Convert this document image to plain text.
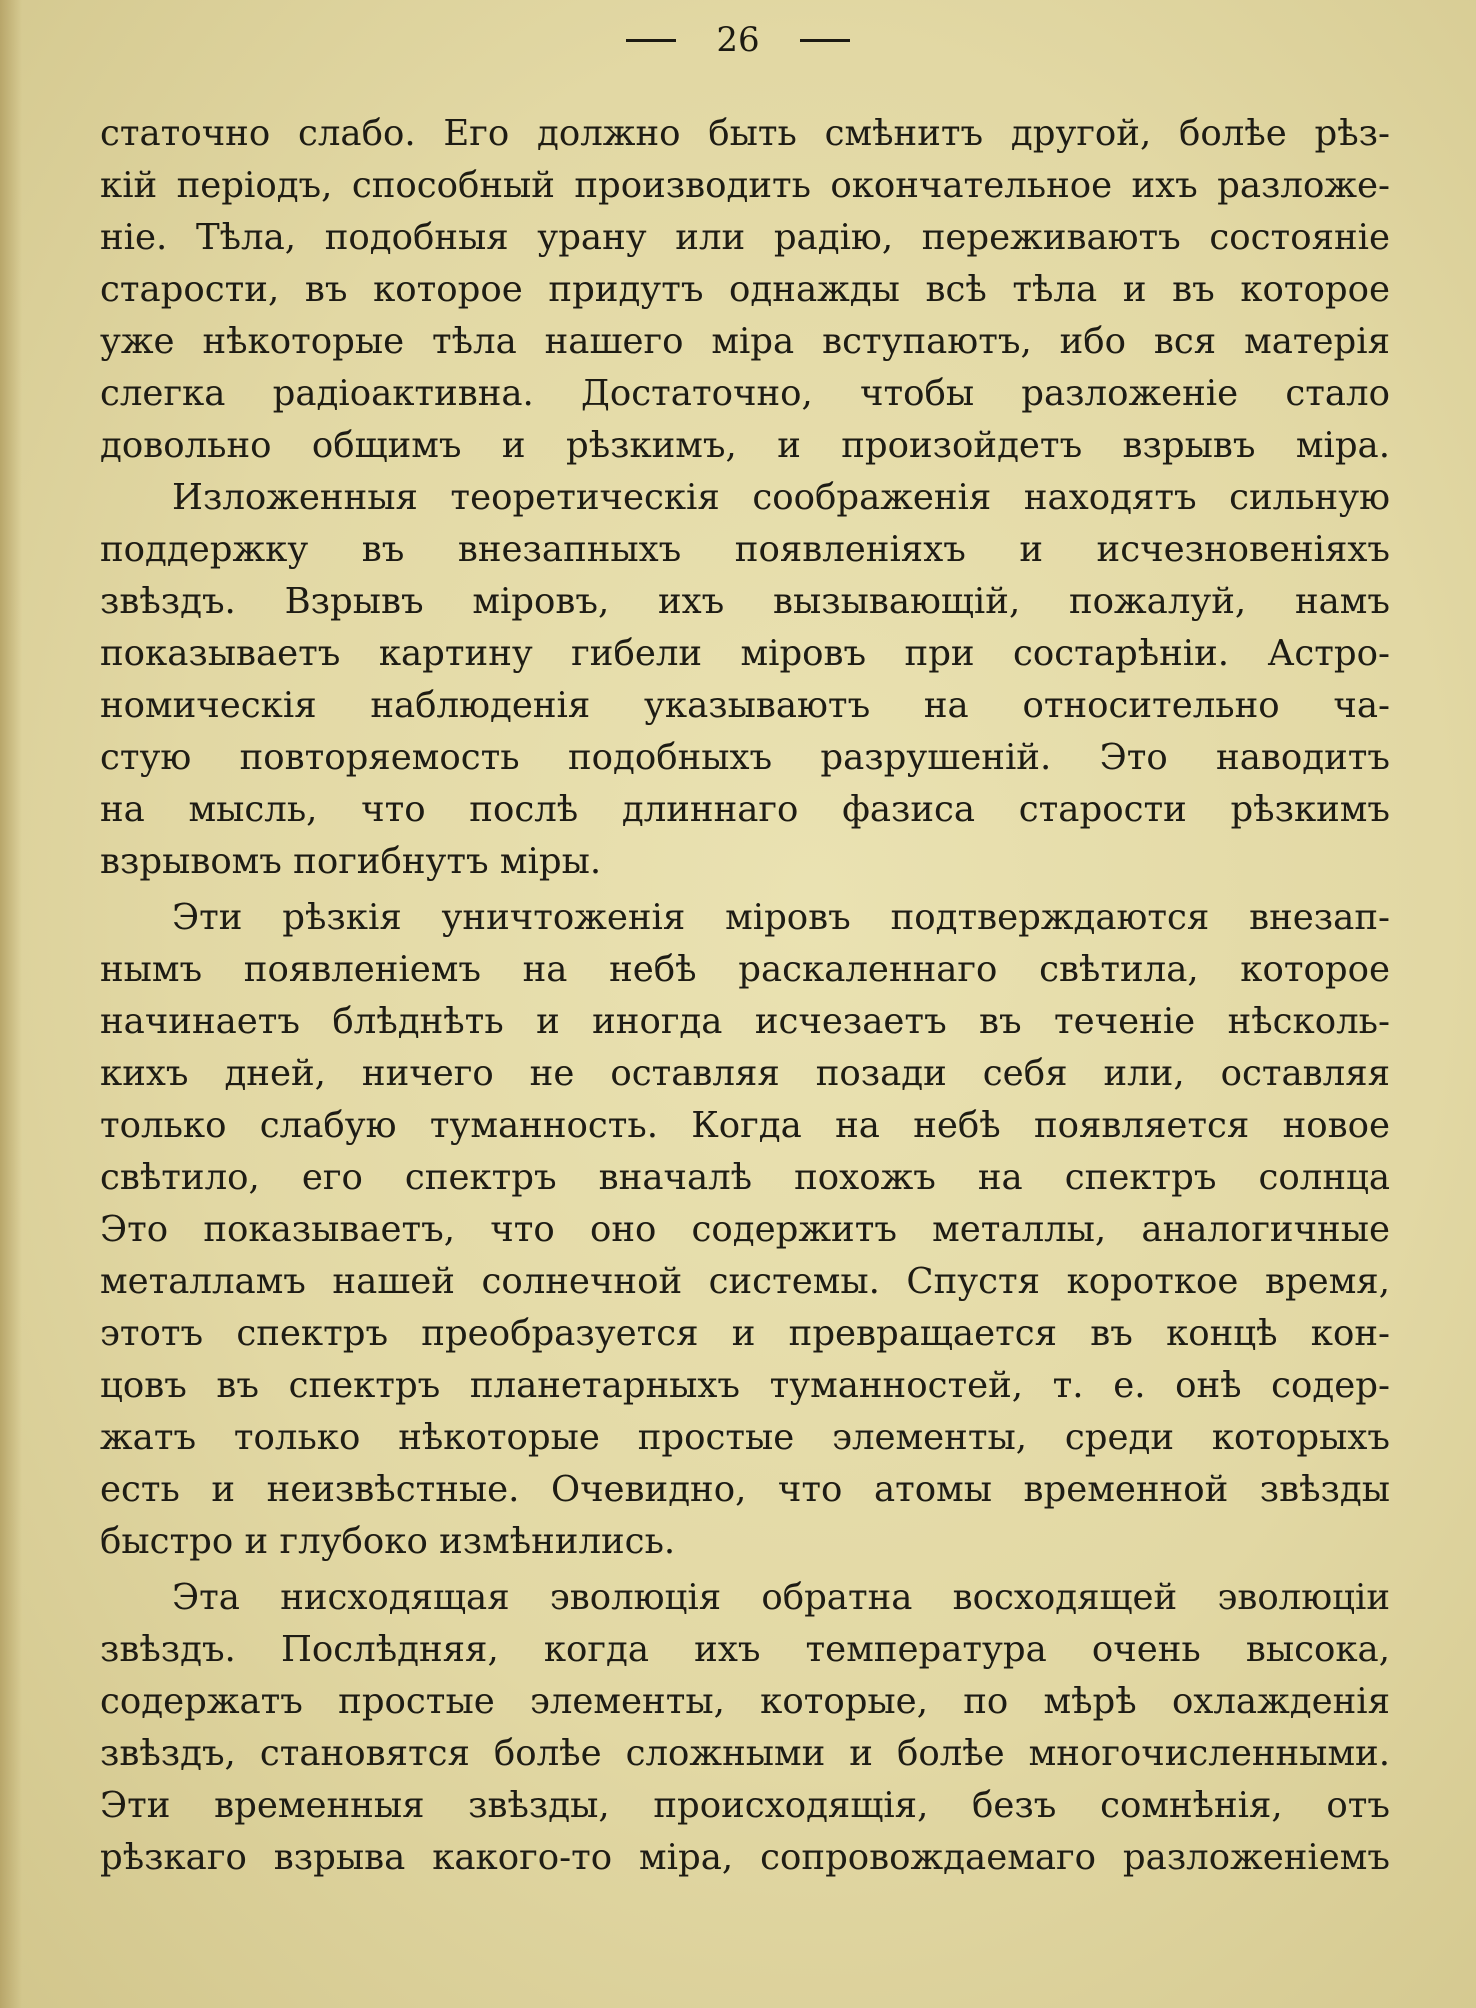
26
статочно слабо. Его должно быть смѣнитъ другой, болѣе рѣз-
кій періодъ, способный производить окончательное ихъ разложе-
ніе. Тѣла, подобныя урану или радію, переживаютъ состояніе
старости, въ которое придутъ однажды всѣ тѣла и въ которое
уже нѣкоторые тѣла нашего міра вступаютъ, ибо вся матерія
слегка радіоактивна. Достаточно, чтобы разложеніе стало
довольно общимъ и рѣзкимъ, и произойдетъ взрывъ міра.
Изложенныя теоретическія соображенія находятъ сильную
поддержку въ внезапныхъ появленіяхъ и исчезновеніяхъ
звѣздъ. Взрывъ міровъ, ихъ вызывающій, пожалуй, намъ
показываетъ картину гибели міровъ при состарѣніи. Астро-
номическія наблюденія указываютъ на относительно ча-
стую повторяемость подобныхъ разрушеній. Это наводитъ
на мысль, что послѣ длиннаго фазиса старости рѣзкимъ
взрывомъ погибнутъ міры.
Эти рѣзкія уничтоженія міровъ подтверждаются внезап-
нымъ появленіемъ на небѣ раскаленнаго свѣтила, которое
начинаетъ блѣднѣть и иногда исчезаетъ въ теченіе нѣсколь-
кихъ дней, ничего не оставляя позади себя или, оставляя
только слабую туманность. Когда на небѣ появляется новое
свѣтило, его спектръ вначалѣ похожъ на спектръ солнца
Это показываетъ, что оно содержитъ металлы, аналогичные
металламъ нашей солнечной системы. Спустя короткое время,
этотъ спектръ преобразуется и превращается въ концѣ кон-
цовъ въ спектръ планетарныхъ туманностей, т. е. онѣ содер-
жатъ только нѣкоторые простые элементы, среди которыхъ
есть и неизвѣстные. Очевидно, что атомы временной звѣзды
быстро и глубоко измѣнились.
Эта нисходящая эволюція обратна восходящей эволюціи
звѣздъ. Послѣдняя, когда ихъ температура очень высока,
содержатъ простые элементы, которые, по мѣрѣ охлажденія
звѣздъ, становятся болѣе сложными и болѣе многочисленными.
Эти временныя звѣзды, происходящія, безъ сомнѣнія, отъ
рѣзкаго взрыва какого-то міра, сопровождаемаго разложеніемъ
